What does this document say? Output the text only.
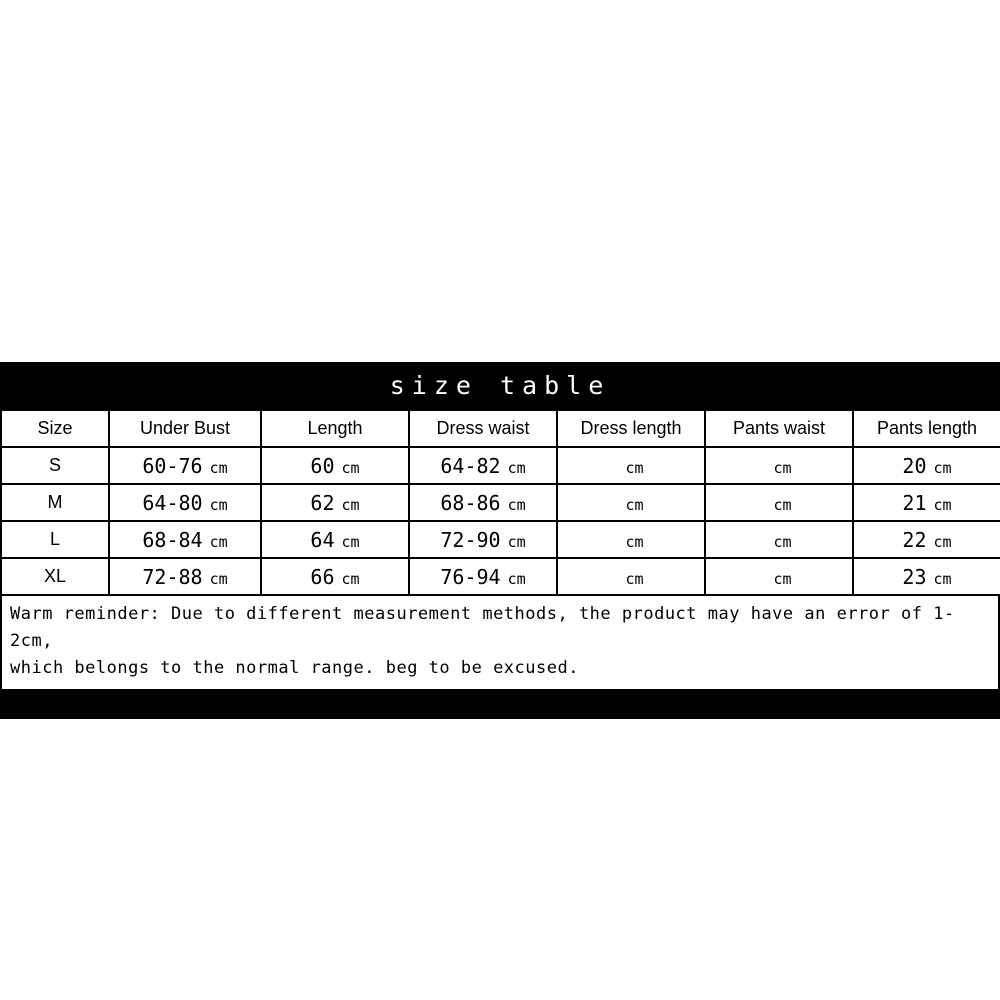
size table
Size	Under Bust	Length	Dress waist	Dress length	Pants waist	Pants length
S	60-76 cm	60 cm	64-82 cm	cm	cm	20 cm
M	64-80 cm	62 cm	68-86 cm	cm	cm	21 cm
L	68-84 cm	64 cm	72-90 cm	cm	cm	22 cm
XL	72-88 cm	66 cm	76-94 cm	cm	cm	23 cm
Warm reminder: Due to different measurement methods, the product may have an error of 1-2cm,
which belongs to the normal range. beg to be excused.
